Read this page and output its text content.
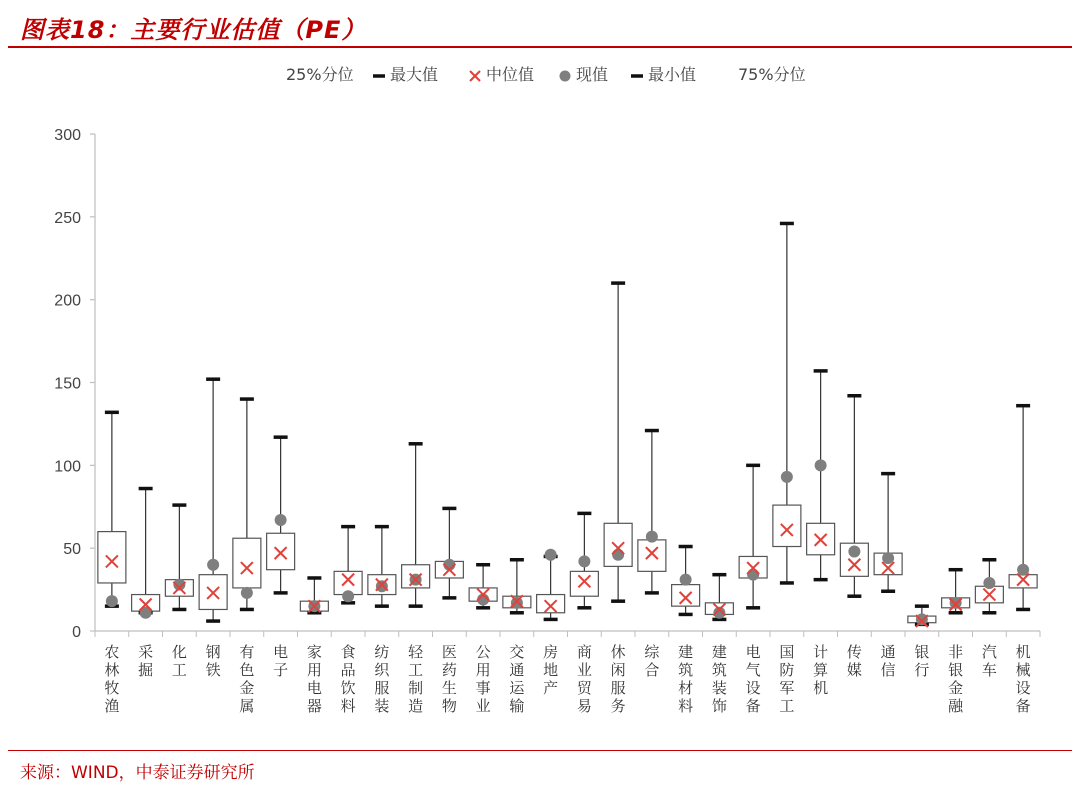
图表18：主要行业估值（PE）
25%分位	最大值	中位值	现值	最小值	75%分位
0
50
100
150
200
250
300
农林牧渔
采掘
化工
钢铁
有色金属
电子
家用电器
食品饮料
纺织服装
轻工制造
医药生物
公用事业
交通运输
房地产
商业贸易
休闲服务
综合
建筑材料
建筑装饰
电气设备
国防军工
计算机
传媒
通信
银行
非银金融
汽车
机械设备
来源：WIND，中泰证券研究所
